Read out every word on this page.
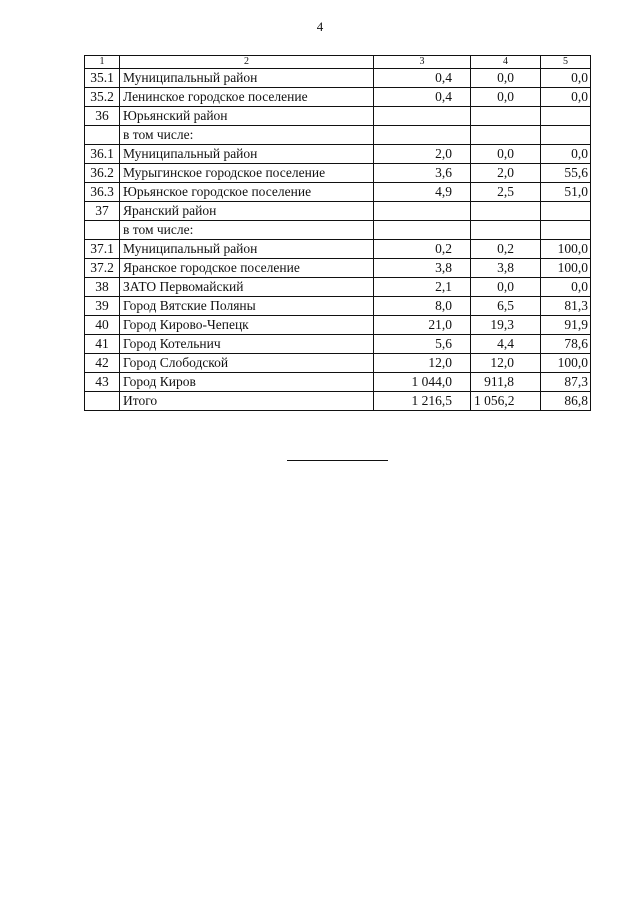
4
1	2	3	4	5
35.1	Муниципальный район	0,4	0,0	0,0
35.2	Ленинское городское поселение	0,4	0,0	0,0
36	Юрьянский район			
	в том числе:			
36.1	Муниципальный район	2,0	0,0	0,0
36.2	Мурыгинское городское поселение	3,6	2,0	55,6
36.3	Юрьянское городское поселение	4,9	2,5	51,0
37	Яранский район			
	в том числе:			
37.1	Муниципальный район	0,2	0,2	100,0
37.2	Яранское городское поселение	3,8	3,8	100,0
38	ЗАТО Первомайский	2,1	0,0	0,0
39	Город Вятские Поляны	8,0	6,5	81,3
40	Город Кирово-Чепецк	21,0	19,3	91,9
41	Город Котельнич	5,6	4,4	78,6
42	Город Слободской	12,0	12,0	100,0
43	Город Киров	1 044,0	911,8	87,3
	Итого	1 216,5	1 056,2	86,8
